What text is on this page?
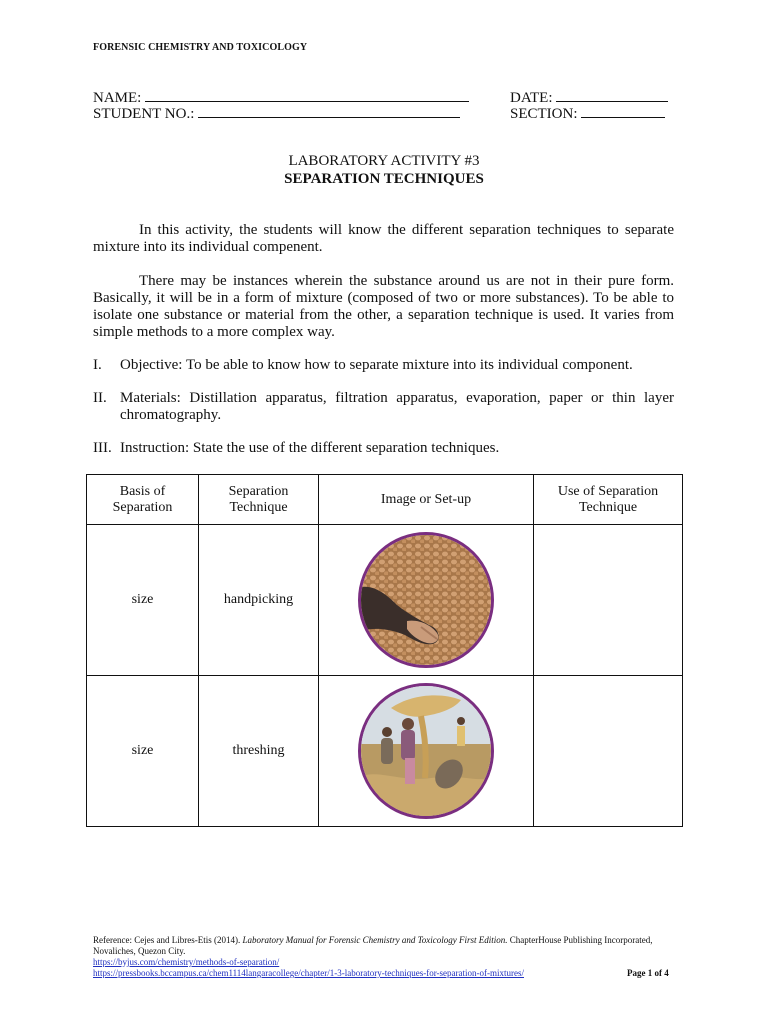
FORENSIC CHEMISTRY AND TOXICOLOGY
NAME:	DATE:
STUDENT NO.:	SECTION:
LABORATORY ACTIVITY #3
SEPARATION TECHNIQUES
In this activity, the students will know the different separation techniques to separate mixture into its individual compenent.
There may be instances wherein the substance around us are not in their pure form. Basically, it will be in a form of mixture (composed of two or more substances). To be able to isolate one substance or material from the other, a separation technique is used. It varies from simple methods to a more complex way.
I. Objective: To be able to know how to separate mixture into its individual component.
II. Materials: Distillation apparatus, filtration apparatus, evaporation, paper or thin layer chromatography.
III. Instruction: State the use of the different separation techniques.
Basis of Separation	Separation Technique	Image or Set-up	Use of Separation Technique
size	handpicking	

size	threshing	

Reference: Cejes and Libres-Etis (2014). Laboratory Manual for Forensic Chemistry and Toxicology First Edition. ChapterHouse Publishing Incorporated, Novaliches, Quezon City.
https://byjus.com/chemistry/methods-of-separation/
https://pressbooks.bccampus.ca/chem1114langaracollege/chapter/1-3-laboratory-techniques-for-separation-of-mixtures/	Page 1 of 4
